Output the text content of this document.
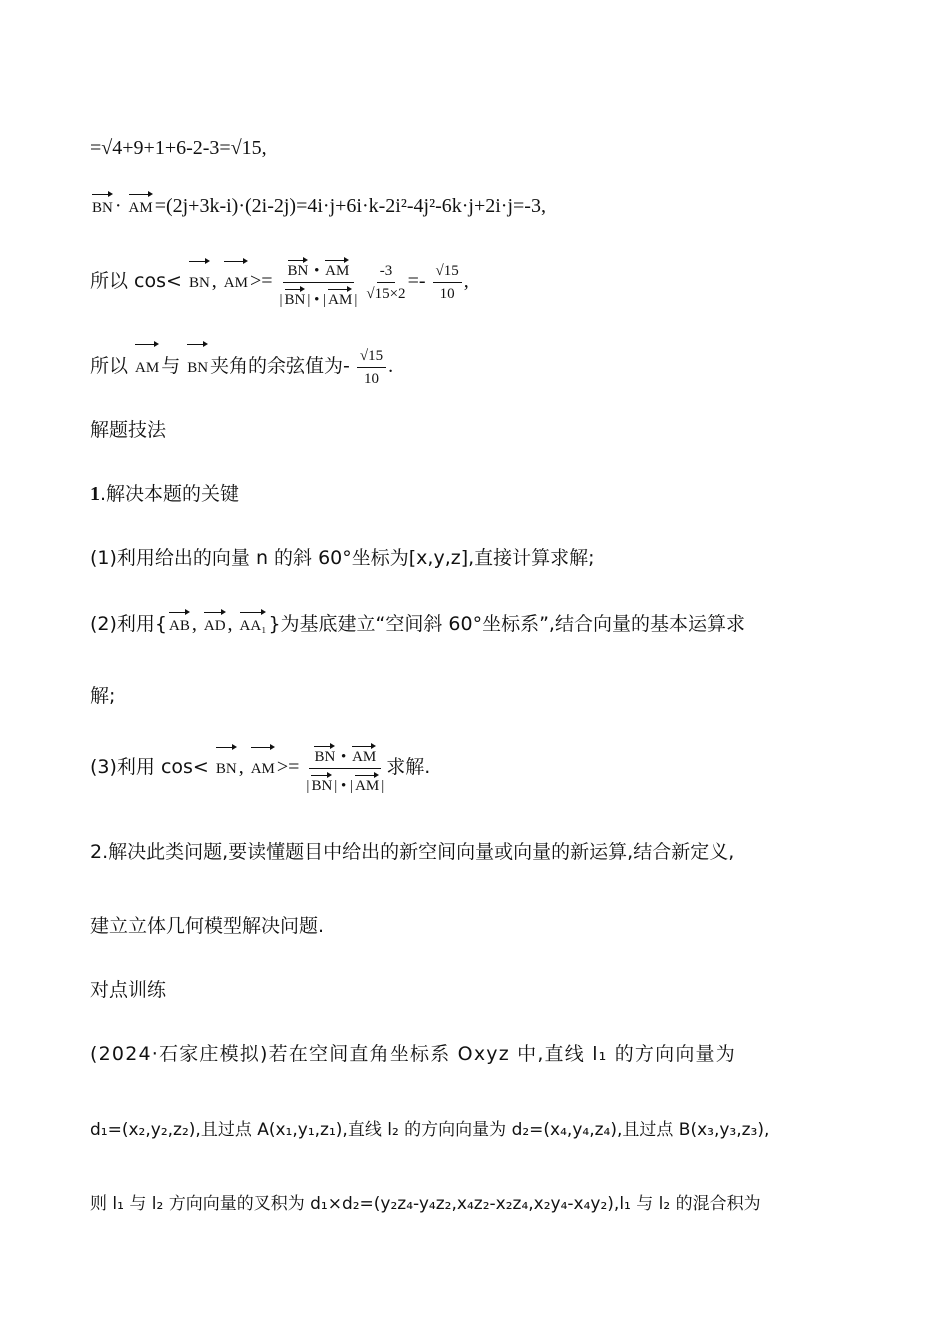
=√4+9+1+6-2-3=√15,
BN · AM =(2j+3k-i)·(2i-2j)=4i·j+6i·k-2i²-4j²-6k·j+2i·j=-3,
所以 cos< BN , AM >= $\frac{BN • AM}{| BN | • | AM |}$
$\frac{-3}{√15\times 2} =- \frac{√15}{10}$ ,
所以 AM 与 BN 夹角的余弦值为- $\frac{√15}{10}$ .
解题技法
1.解决本题的关键
(1)利用给出的向量 n 的斜 60°坐标为[x,y,z],直接计算求解;
(2)利用{ AB , AD , AA₁ }为基底建立“空间斜 60°坐标系”,结合向量的基本运算求
解;
(3)利用 cos< BN , AM >= $\frac{BN • AM}{| BN | • | AM |}$ 求解.
2.解决此类问题,要读懂题目中给出的新空间向量或向量的新运算,结合新定义,
建立立体几何模型解决问题.
对点训练
(2024·石家庄模拟)若在空间直角坐标系 Oxyz 中,直线 l₁ 的方向向量为
d₁=(x₂,y₂,z₂),且过点 A(x₁,y₁,z₁),直线 l₂ 的方向向量为 d₂=(x₄,y₄,z₄),且过点 B(x₃,y₃,z₃),
则 l₁ 与 l₂ 方向向量的叉积为 d₁×d₂=(y₂z₄-y₄z₂,x₄z₂-x₂z₄,x₂y₄-x₄y₂),l₁ 与 l₂ 的混合积为
